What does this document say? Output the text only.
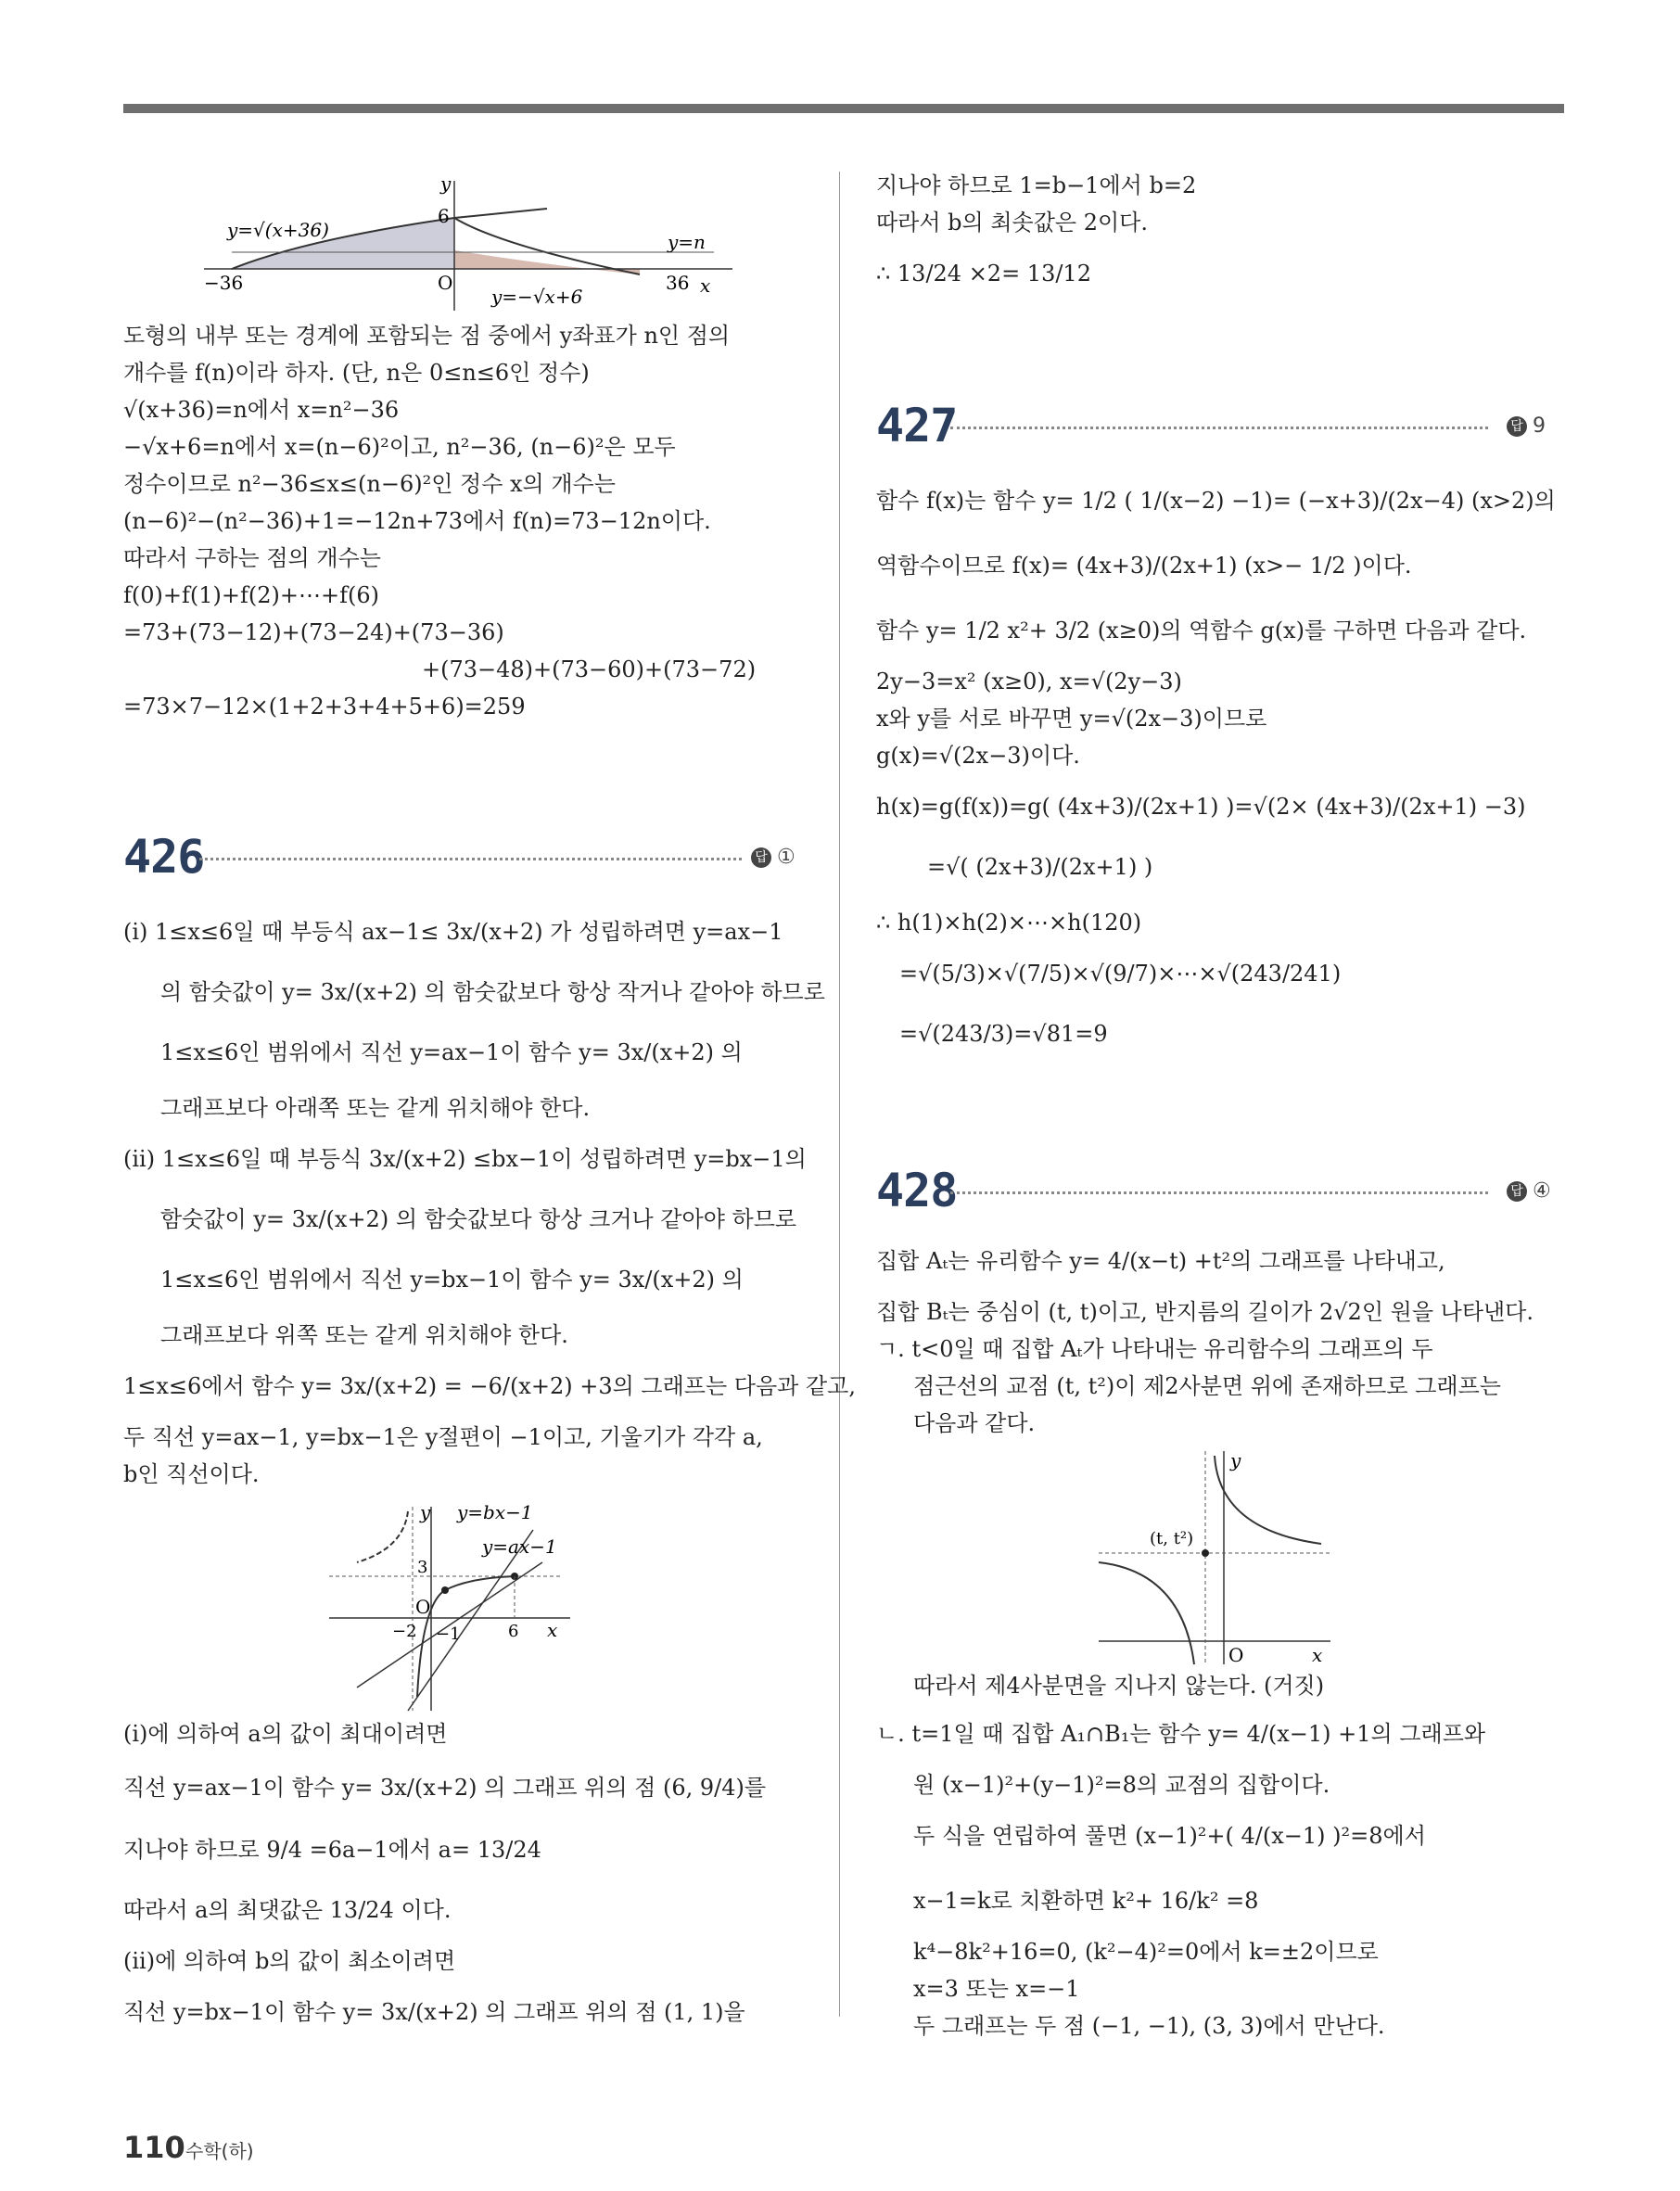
y
x
y=√(x+36)
y=−√x+6
y=n
6
O
−36	36
도형의 내부 또는 경계에 포함되는 점 중에서 y좌표가 n인 점의
개수를 f(n)이라 하자. (단, n은 0≤n≤6인 정수)
√(x+36)=n에서 x=n²−36
−√x+6=n에서 x=(n−6)²이고, n²−36, (n−6)²은 모두
정수이므로 n²−36≤x≤(n−6)²인 정수 x의 개수는
(n−6)²−(n²−36)+1=−12n+73에서 f(n)=73−12n이다.
따라서 구하는 점의 개수는
f(0)+f(1)+f(2)+⋯+f(6)
=73+(73−12)+(73−24)+(73−36)
+(73−48)+(73−60)+(73−72)
=73×7−12×(1+2+3+4+5+6)=259
426	답 ①
(i) 1≤x≤6일 때 부등식 ax−1≤ 3x/(x+2) 가 성립하려면 y=ax−1
의 함숫값이 y= 3x/(x+2) 의 함숫값보다 항상 작거나 같아야 하므로
1≤x≤6인 범위에서 직선 y=ax−1이 함수 y= 3x/(x+2) 의
그래프보다 아래쪽 또는 같게 위치해야 한다.
(ii) 1≤x≤6일 때 부등식 3x/(x+2) ≤bx−1이 성립하려면 y=bx−1의
함숫값이 y= 3x/(x+2) 의 함숫값보다 항상 크거나 같아야 하므로
1≤x≤6인 범위에서 직선 y=bx−1이 함수 y= 3x/(x+2) 의
그래프보다 위쪽 또는 같게 위치해야 한다.
1≤x≤6에서 함수 y= 3x/(x+2) = −6/(x+2) +3의 그래프는 다음과 같고,
두 직선 y=ax−1, y=bx−1은 y절편이 −1이고, 기울기가 각각 a,
b인 직선이다.
y
x
y=bx−1
y=ax−1
3
O
−2 −1	6
(i)에 의하여 a의 값이 최대이려면
직선 y=ax−1이 함수 y= 3x/(x+2) 의 그래프 위의 점 (6, 9/4)를
지나야 하므로 9/4 =6a−1에서 a= 13/24
따라서 a의 최댓값은 13/24 이다.
(ii)에 의하여 b의 값이 최소이려면
직선 y=bx−1이 함수 y= 3x/(x+2) 의 그래프 위의 점 (1, 1)을
지나야 하므로 1=b−1에서 b=2
따라서 b의 최솟값은 2이다.
∴ 13/24 ×2= 13/12
427	답 9
함수 f(x)는 함수 y= 1/2 ( 1/(x−2) −1)= (−x+3)/(2x−4) (x>2)의
역함수이므로 f(x)= (4x+3)/(2x+1) (x>− 1/2 )이다.
함수 y= 1/2 x²+ 3/2 (x≥0)의 역함수 g(x)를 구하면 다음과 같다.
2y−3=x² (x≥0), x=√(2y−3)
x와 y를 서로 바꾸면 y=√(2x−3)이므로
g(x)=√(2x−3)이다.
h(x)=g(f(x))=g( (4x+3)/(2x+1) )=√(2× (4x+3)/(2x+1) −3)
=√( (2x+3)/(2x+1) )
∴ h(1)×h(2)×⋯×h(120)
=√(5/3)×√(7/5)×√(9/7)×⋯×√(243/241)
=√(243/3)=√81=9
428	답 ④
집합 Aₜ는 유리함수 y= 4/(x−t) +t²의 그래프를 나타내고,
집합 Bₜ는 중심이 (t, t)이고, 반지름의 길이가 2√2인 원을 나타낸다.
ㄱ. t<0일 때 집합 Aₜ가 나타내는 유리함수의 그래프의 두
점근선의 교점 (t, t²)이 제2사분면 위에 존재하므로 그래프는
다음과 같다.
y
x
(t, t²)
O
따라서 제4사분면을 지나지 않는다. (거짓)
ㄴ. t=1일 때 집합 A₁∩B₁는 함수 y= 4/(x−1) +1의 그래프와
원 (x−1)²+(y−1)²=8의 교점의 집합이다.
두 식을 연립하여 풀면 (x−1)²+( 4/(x−1) )²=8에서
x−1=k로 치환하면 k²+ 16/k² =8
k⁴−8k²+16=0, (k²−4)²=0에서 k=±2이므로
x=3 또는 x=−1
두 그래프는 두 점 (−1, −1), (3, 3)에서 만난다.
110 수학(하)
